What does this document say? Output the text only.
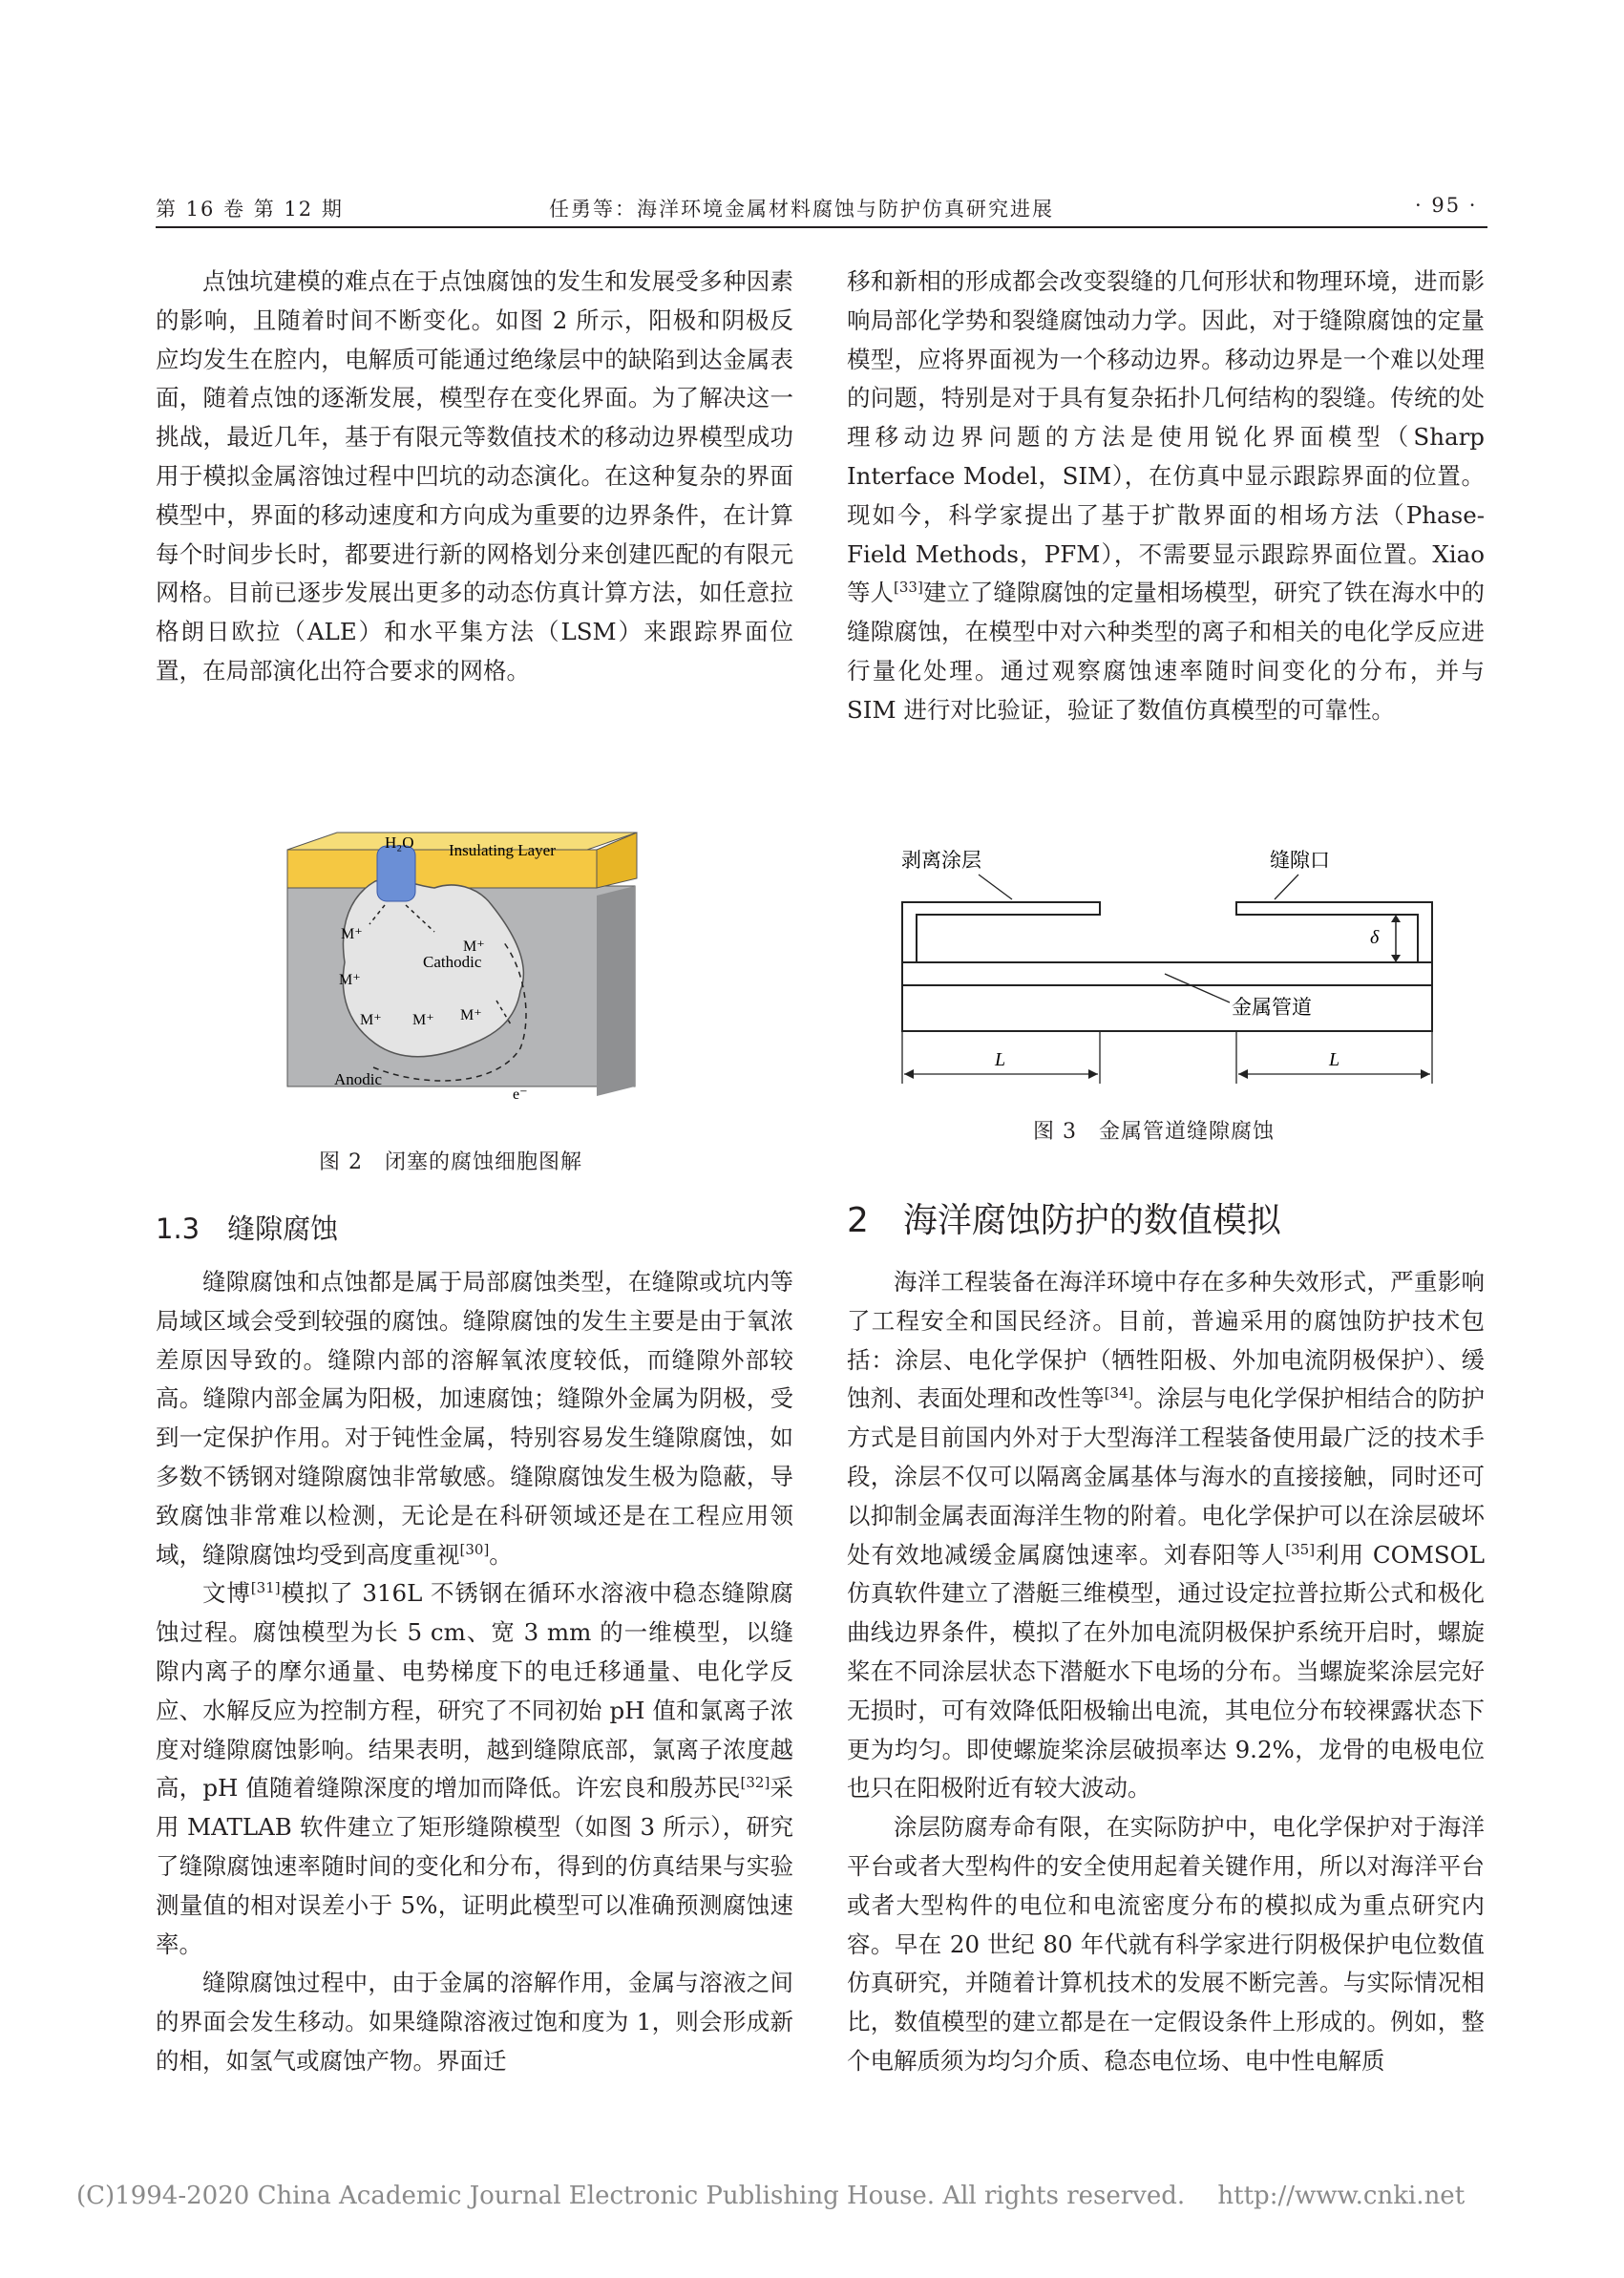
第 16 卷 第 12 期	任勇等：海洋环境金属材料腐蚀与防护仿真研究进展	· 95 ·

点蚀坑建模的难点在于点蚀腐蚀的发生和发展受多种因素的影响，且随着时间不断变化。如图 2 所示，阳极和阴极反应均发生在腔内，电解质可能通过绝缘层中的缺陷到达金属表面，随着点蚀的逐渐发展，模型存在变化界面。为了解决这一挑战，最近几年，基于有限元等数值技术的移动边界模型成功用于模拟金属溶蚀过程中凹坑的动态演化。在这种复杂的界面模型中，界面的移动速度和方向成为重要的边界条件，在计算每个时间步长时，都要进行新的网格划分来创建匹配的有限元网格。目前已逐步发展出更多的动态仿真计算方法，如任意拉格朗日欧拉（ALE）和水平集方法（LSM）来跟踪界面位置，在局部演化出符合要求的网格。

H₂O Insulating Layer
Cathodic
Anodic
M⁺
M⁺
M⁺ M⁺ M⁺
M⁺
e⁻
图 2　闭塞的腐蚀细胞图解
1.3　缝隙腐蚀

缝隙腐蚀和点蚀都是属于局部腐蚀类型，在缝隙或坑内等局域区域会受到较强的腐蚀。缝隙腐蚀的发生主要是由于氧浓差原因导致的。缝隙内部的溶解氧浓度较低，而缝隙外部较高。缝隙内部金属为阳极，加速腐蚀；缝隙外金属为阴极，受到一定保护作用。对于钝性金属，特别容易发生缝隙腐蚀，如多数不锈钢对缝隙腐蚀非常敏感。缝隙腐蚀发生极为隐蔽，导致腐蚀非常难以检测，无论是在科研领域还是在工程应用领域，缝隙腐蚀均受到高度重视[30]。

文博[31]模拟了 316L 不锈钢在循环水溶液中稳态缝隙腐蚀过程。腐蚀模型为长 5 cm、宽 3 mm 的一维模型，以缝隙内离子的摩尔通量、电势梯度下的电迁移通量、电化学反应、水解反应为控制方程，研究了不同初始 pH 值和氯离子浓度对缝隙腐蚀影响。结果表明，越到缝隙底部，氯离子浓度越高，pH 值随着缝隙深度的增加而降低。许宏良和殷苏民[32]采用 MATLAB 软件建立了矩形缝隙模型（如图 3 所示），研究了缝隙腐蚀速率随时间的变化和分布，得到的仿真结果与实验测量值的相对误差小于 5%，证明此模型可以准确预测腐蚀速率。

缝隙腐蚀过程中，由于金属的溶解作用，金属与溶液之间的界面会发生移动。如果缝隙溶液过饱和度为 1，则会形成新的相，如氢气或腐蚀产物。界面迁

移和新相的形成都会改变裂缝的几何形状和物理环境，进而影响局部化学势和裂缝腐蚀动力学。因此，对于缝隙腐蚀的定量模型，应将界面视为一个移动边界。移动边界是一个难以处理的问题，特别是对于具有复杂拓扑几何结构的裂缝。传统的处理移动边界问题的方法是使用锐化界面模型（Sharp Interface Model，SIM），在仿真中显示跟踪界面的位置。现如今，科学家提出了基于扩散界面的相场方法（Phase-Field Methods，PFM），不需要显示跟踪界面位置。Xiao 等人[33]建立了缝隙腐蚀的定量相场模型，研究了铁在海水中的缝隙腐蚀，在模型中对六种类型的离子和相关的电化学反应进行量化处理。通过观察腐蚀速率随时间变化的分布，并与 SIM 进行对比验证，验证了数值仿真模型的可靠性。

剥离涂层	缝隙口
δ
金属管道
L	L
图 3　金属管道缝隙腐蚀
2　海洋腐蚀防护的数值模拟

海洋工程装备在海洋环境中存在多种失效形式，严重影响了工程安全和国民经济。目前，普遍采用的腐蚀防护技术包括：涂层、电化学保护（牺牲阳极、外加电流阴极保护）、缓蚀剂、表面处理和改性等[34]。涂层与电化学保护相结合的防护方式是目前国内外对于大型海洋工程装备使用最广泛的技术手段，涂层不仅可以隔离金属基体与海水的直接接触，同时还可以抑制金属表面海洋生物的附着。电化学保护可以在涂层破坏处有效地减缓金属腐蚀速率。刘春阳等人[35]利用 COMSOL 仿真软件建立了潜艇三维模型，通过设定拉普拉斯公式和极化曲线边界条件，模拟了在外加电流阴极保护系统开启时，螺旋桨在不同涂层状态下潜艇水下电场的分布。当螺旋桨涂层完好无损时，可有效降低阳极输出电流，其电位分布较裸露状态下更为均匀。即使螺旋桨涂层破损率达 9.2%，龙骨的电极电位也只在阳极附近有较大波动。

涂层防腐寿命有限，在实际防护中，电化学保护对于海洋平台或者大型构件的安全使用起着关键作用，所以对海洋平台或者大型构件的电位和电流密度分布的模拟成为重点研究内容。早在 20 世纪 80 年代就有科学家进行阴极保护电位数值仿真研究，并随着计算机技术的发展不断完善。与实际情况相比，数值模型的建立都是在一定假设条件上形成的。例如，整个电解质须为均匀介质、稳态电位场、电中性电解质

(C)1994-2020 China Academic Journal Electronic Publishing House. All rights reserved.　 http://www.cnki.net
